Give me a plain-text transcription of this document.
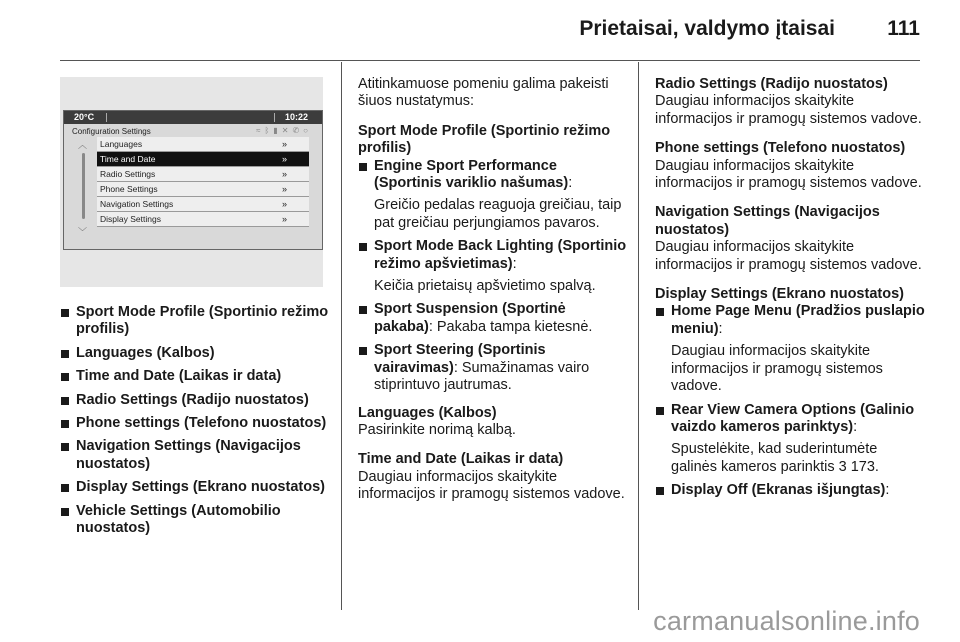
Prietaisai, valdymo įtaisai 111
20°C	10:22
Configuration Settings	≈ᛒ▮✕✆○
︿
﹀
Languages	»
Time and Date	»
Radio Settings	»
Phone Settings	»
Navigation Settings	»
Display Settings	»
Sport Mode Profile (Sportinio režimo profilis)
Languages (Kalbos)
Time and Date (Laikas ir data)
Radio Settings (Radijo nuostatos)
Phone settings (Telefono nuostatos)
Navigation Settings (Navigacijos nuostatos)
Display Settings (Ekrano nuostatos)
Vehicle Settings (Automobilio nuostatos)

Atitinkamuose pomeniu galima pakeisti šiuos nustatymus:

Sport Mode Profile (Sportinio režimo profilis)
Engine Sport Performance (Sportinis variklio našumas):
Greičio pedalas reaguoja greičiau, taip pat greičiau perjungiamos pavaros.
Sport Mode Back Lighting (Sportinio režimo apšvietimas):
Keičia prietaisų apšvietimo spalvą.
Sport Suspension (Sportinė pakaba): Pakaba tampa kietesnė.
Sport Steering (Sportinis vairavimas): Sumažinamas vairo stiprintuvo jautrumas.
Languages (Kalbos)

Pasirinkite norimą kalbą.

Time and Date (Laikas ir data)

Daugiau informacijos skaitykite informacijos ir pramogų sistemos vadove.

Radio Settings (Radijo nuostatos)

Daugiau informacijos skaitykite informacijos ir pramogų sistemos vadove.

Phone settings (Telefono nuostatos)

Daugiau informacijos skaitykite informacijos ir pramogų sistemos vadove.

Navigation Settings (Navigacijos nuostatos)

Daugiau informacijos skaitykite informacijos ir pramogų sistemos vadove.

Display Settings (Ekrano nuostatos)
Home Page Menu (Pradžios puslapio meniu):
Daugiau informacijos skaitykite informacijos ir pramogų sistemos vadove.
Rear View Camera Options (Galinio vaizdo kameros parinktys):
Spustelėkite, kad suderintumėte galinės kameros parinktis 3 173.
Display Off (Ekranas išjungtas):
carmanualsonline.info
